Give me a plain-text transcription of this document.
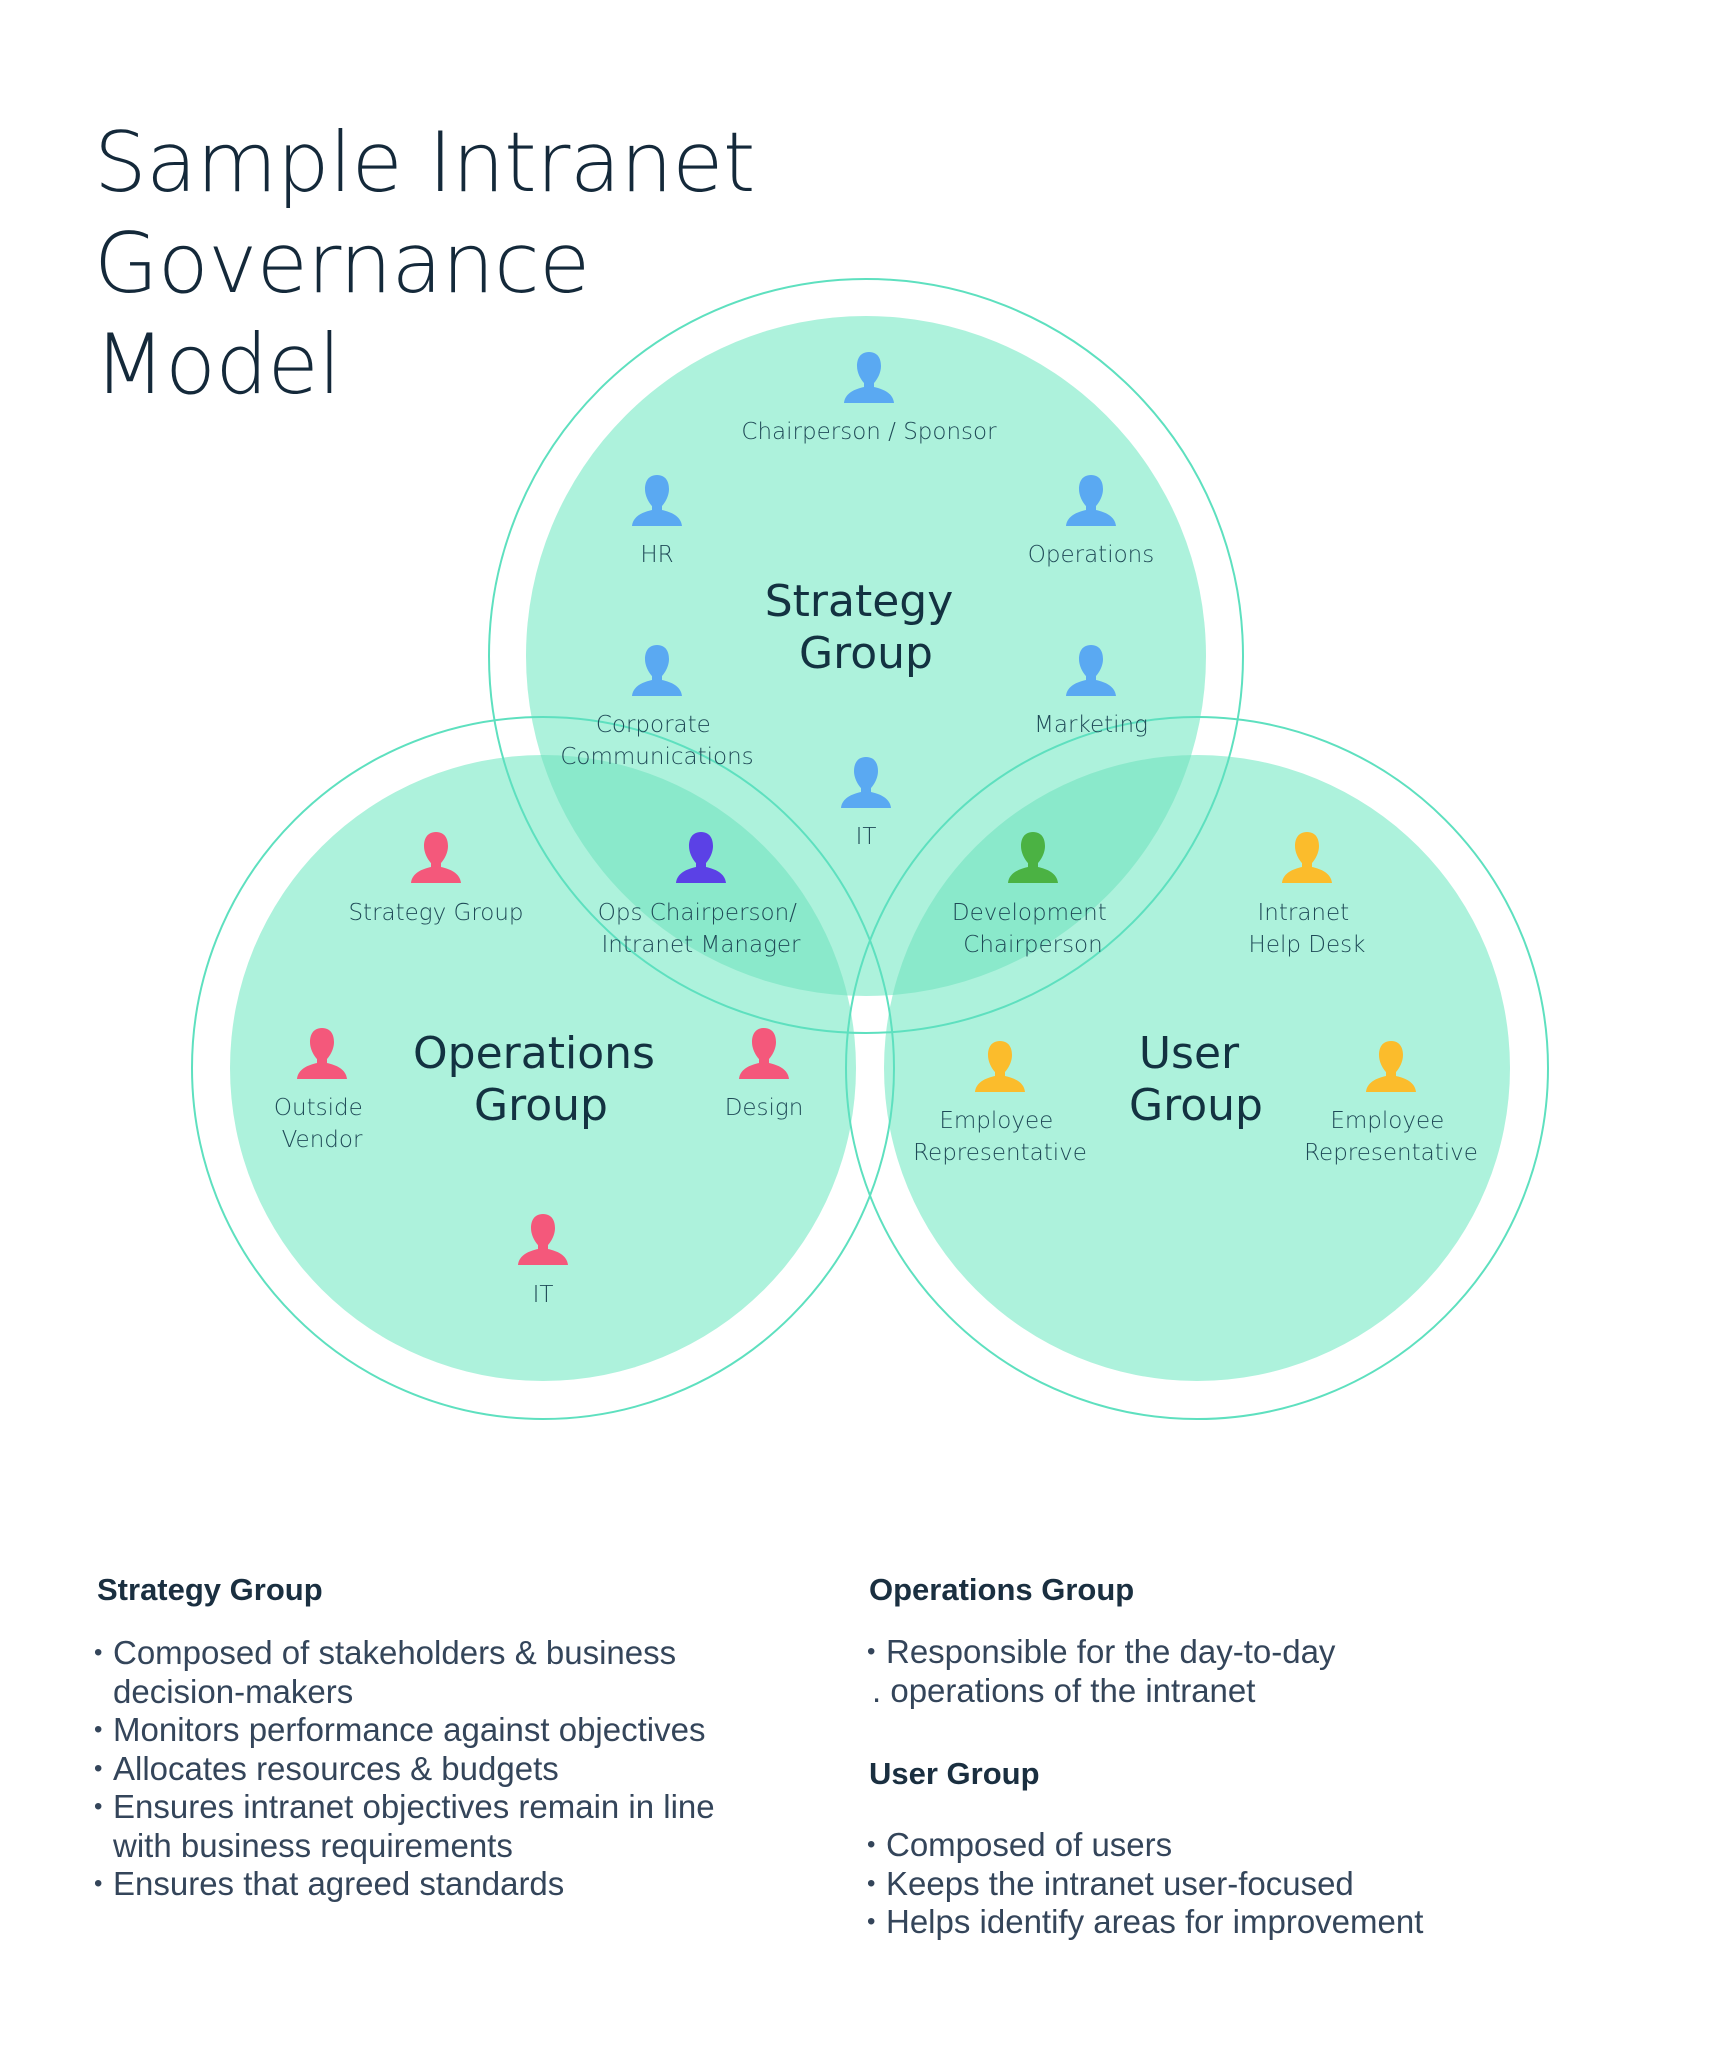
Sample Intranet
Governance
Model
Strategy Group
Operations Group
User Group
Chairperson / Sponsor
HR	Operations
Corporate Communications
Marketing
IT
Strategy Group	Ops Chairperson/ Intranet Manager
Development Chairperson
Intranet Help Desk
Outside Vendor
Design
IT
Employee Representative
Employee Representative
Strategy Group
• Composed of stakeholders & business
decision-makers
• Monitors performance against objectives
• Allocates resources & budgets
• Ensures intranet objectives remain in line
with business requirements
• Ensures that agreed standards
Operations Group
• Responsible for the day-to-day
. operations of the intranet
User Group
• Composed of users
• Keeps the intranet user-focused
• Helps identify areas for improvement
